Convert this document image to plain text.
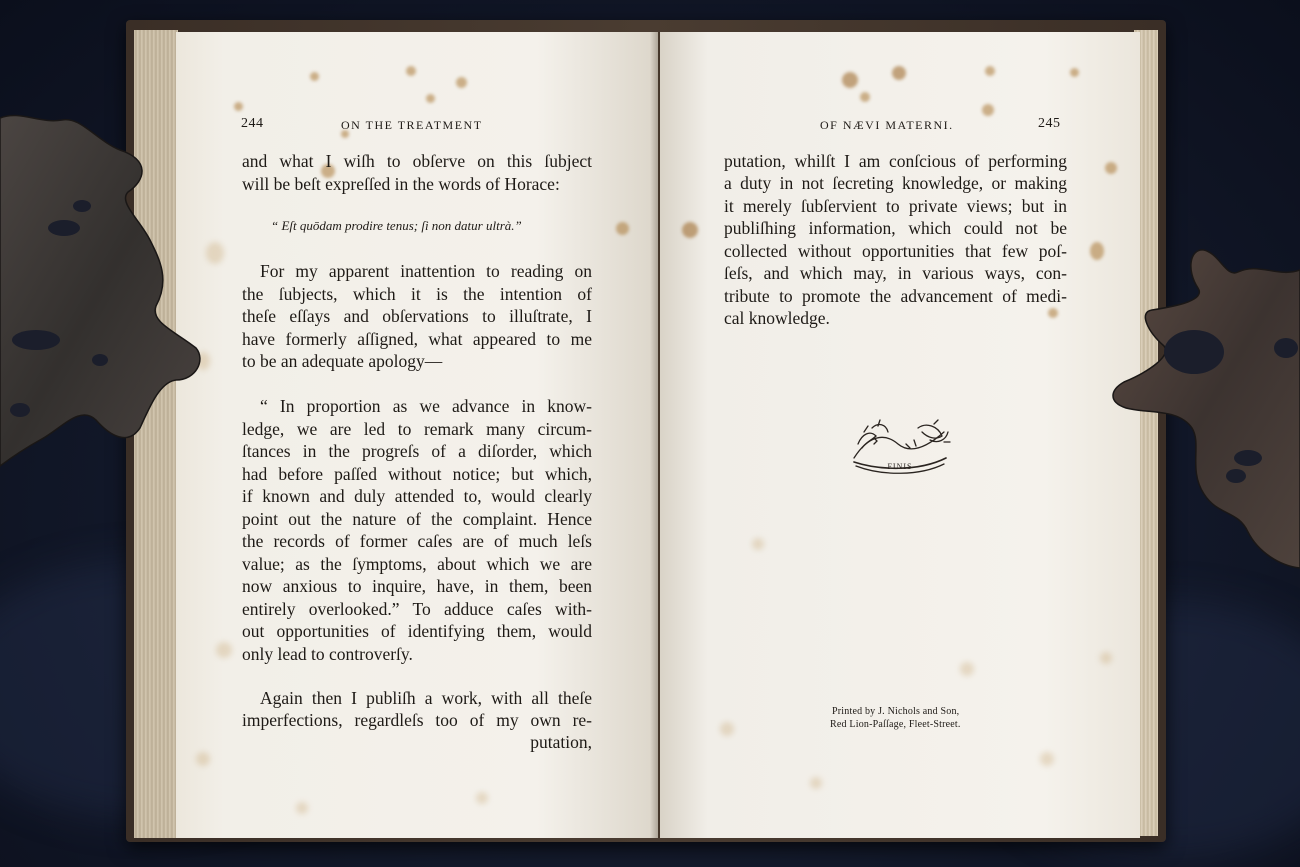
244	ON THE TREATMENT
and what I wiſh to obſerve on this ſubject
will be beſt expreſſed in the words of Horace:
“ Eſt quōdam prodire tenus; ſi non datur ultrà.”
For my apparent inattention to reading on
the ſubjects, which it is the intention of
theſe eſſays and obſervations to illuſtrate, I
have formerly aſſigned, what appeared to me
to be an adequate apology—
“ In proportion as we advance in know-
ledge, we are led to remark many circum-
ſtances in the progreſs of a diſorder, which
had before paſſed without notice; but which,
if known and duly attended to, would clearly
point out the nature of the complaint. Hence
the records of former caſes are of much leſs
value; as the ſymptoms, about which we are
now anxious to inquire, have, in them, been
entirely overlooked.” To adduce caſes with-
out opportunities of identifying them, would
only lead to controverſy.
Again then I publiſh a work, with all theſe
imperfections, regardleſs too of my own re-
putation,
OF NÆVI MATERNI.	245
putation, whilſt I am conſcious of performing
a duty in not ſecreting knowledge, or making
it merely ſubſervient to private views; but in
publiſhing information, which could not be
collected without opportunities that few poſ-
ſeſs, and which may, in various ways, con-
tribute to promote the advancement of medi-
cal knowledge.
FINIS
Printed by J. Nichols and Son,
Red Lion-Paſſage, Fleet-Street.
